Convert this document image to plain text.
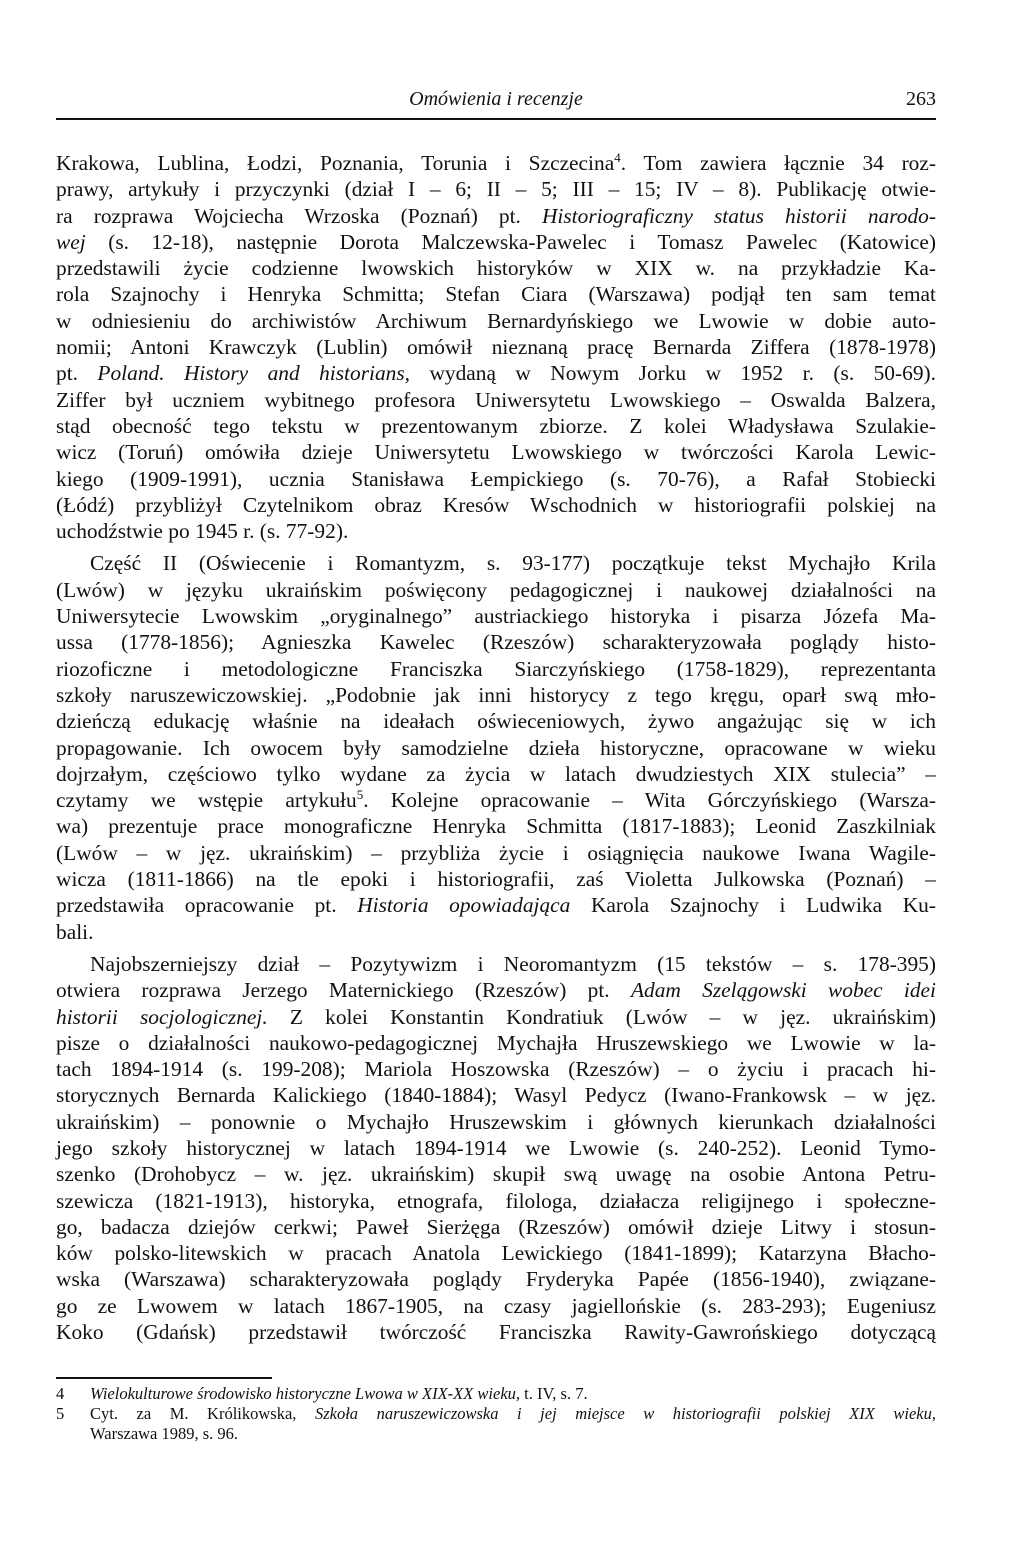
Omówienia i recenzje	263
Krakowa, Lublina, Łodzi, Poznania, Torunia i Szczecina$^4$. Tom zawiera łącznie 34 roz-
prawy, artykuły i przyczynki (dział I – 6; II – 5; III – 15; IV – 8). Publikację otwie-
ra rozprawa Wojciecha Wrzoska (Poznań) pt. Historiograficzny status historii narodo-
wej (s. 12-18), następnie Dorota Malczewska-Pawelec i Tomasz Pawelec (Katowice)
przedstawili życie codzienne lwowskich historyków w XIX w. na przykładzie Ka-
rola Szajnochy i Henryka Schmitta; Stefan Ciara (Warszawa) podjął ten sam temat
w odniesieniu do archiwistów Archiwum Bernardyńskiego we Lwowie w dobie auto-
nomii; Antoni Krawczyk (Lublin) omówił nieznaną pracę Bernarda Ziffera (1878-1978)
pt. Poland. History and historians, wydaną w Nowym Jorku w 1952 r. (s. 50-69).
Ziffer był uczniem wybitnego profesora Uniwersytetu Lwowskiego – Oswalda Balzera,
stąd obecność tego tekstu w prezentowanym zbiorze. Z kolei Władysława Szulakie-
wicz (Toruń) omówiła dzieje Uniwersytetu Lwowskiego w twórczości Karola Lewic-
kiego (1909-1991), ucznia Stanisława Łempickiego (s. 70-76), a Rafał Stobiecki
(Łódź) przybliżył Czytelnikom obraz Kresów Wschodnich w historiografii polskiej na
uchodźstwie po 1945 r. (s. 77-92).
Część II (Oświecenie i Romantyzm, s. 93-177) początkuje tekst Mychajło Krila
(Lwów) w języku ukraińskim poświęcony pedagogicznej i naukowej działalności na
Uniwersytecie Lwowskim „oryginalnego” austriackiego historyka i pisarza Józefa Ma-
ussa (1778-1856); Agnieszka Kawelec (Rzeszów) scharakteryzowała poglądy histo-
riozoficzne i metodologiczne Franciszka Siarczyńskiego (1758-1829), reprezentanta
szkoły naruszewiczowskiej. „Podobnie jak inni historycy z tego kręgu, oparł swą mło-
dzieńczą edukację właśnie na ideałach oświeceniowych, żywo angażując się w ich
propagowanie. Ich owocem były samodzielne dzieła historyczne, opracowane w wieku
dojrzałym, częściowo tylko wydane za życia w latach dwudziestych XIX stulecia” –
czytamy we wstępie artykułu$^5$. Kolejne opracowanie – Wita Górczyńskiego (Warsza-
wa) prezentuje prace monograficzne Henryka Schmitta (1817-1883); Leonid Zaszkilniak
(Lwów – w jęz. ukraińskim) – przybliża życie i osiągnięcia naukowe Iwana Wagile-
wicza (1811-1866) na tle epoki i historiografii, zaś Violetta Julkowska (Poznań) –
przedstawiła opracowanie pt. Historia opowiadająca Karola Szajnochy i Ludwika Ku-
bali.
Najobszerniejszy dział – Pozytywizm i Neoromantyzm (15 tekstów – s. 178-395)
otwiera rozprawa Jerzego Maternickiego (Rzeszów) pt. Adam Szelągowski wobec idei
historii socjologicznej. Z kolei Konstantin Kondratiuk (Lwów – w jęz. ukraińskim)
pisze o działalności naukowo-pedagogicznej Mychajła Hruszewskiego we Lwowie w la-
tach 1894-1914 (s. 199-208); Mariola Hoszowska (Rzeszów) – o życiu i pracach hi-
storycznych Bernarda Kalickiego (1840-1884); Wasyl Pedycz (Iwano-Frankowsk – w jęz.
ukraińskim) – ponownie o Mychajło Hruszewskim i głównych kierunkach działalności
jego szkoły historycznej w latach 1894-1914 we Lwowie (s. 240-252). Leonid Tymo-
szenko (Drohobycz – w. jęz. ukraińskim) skupił swą uwagę na osobie Antona Petru-
szewicza (1821-1913), historyka, etnografa, filologa, działacza religijnego i społeczne-
go, badacza dziejów cerkwi; Paweł Sierżęga (Rzeszów) omówił dzieje Litwy i stosun-
ków polsko-litewskich w pracach Anatola Lewickiego (1841-1899); Katarzyna Błacho-
wska (Warszawa) scharakteryzowała poglądy Fryderyka Papée (1856-1940), związane-
go ze Lwowem w latach 1867-1905, na czasy jagiellońskie (s. 283-293); Eugeniusz
Koko (Gdańsk) przedstawił twórczość Franciszka Rawity-Gawrońskiego dotyczącą
4 Wielokulturowe środowisko historyczne Lwowa w XIX-XX wieku, t. IV, s. 7.
5 Cyt. za M. Królikowska, Szkoła naruszewiczowska i jej miejsce w historiografii polskiej XIX wieku,
Warszawa 1989, s. 96.
